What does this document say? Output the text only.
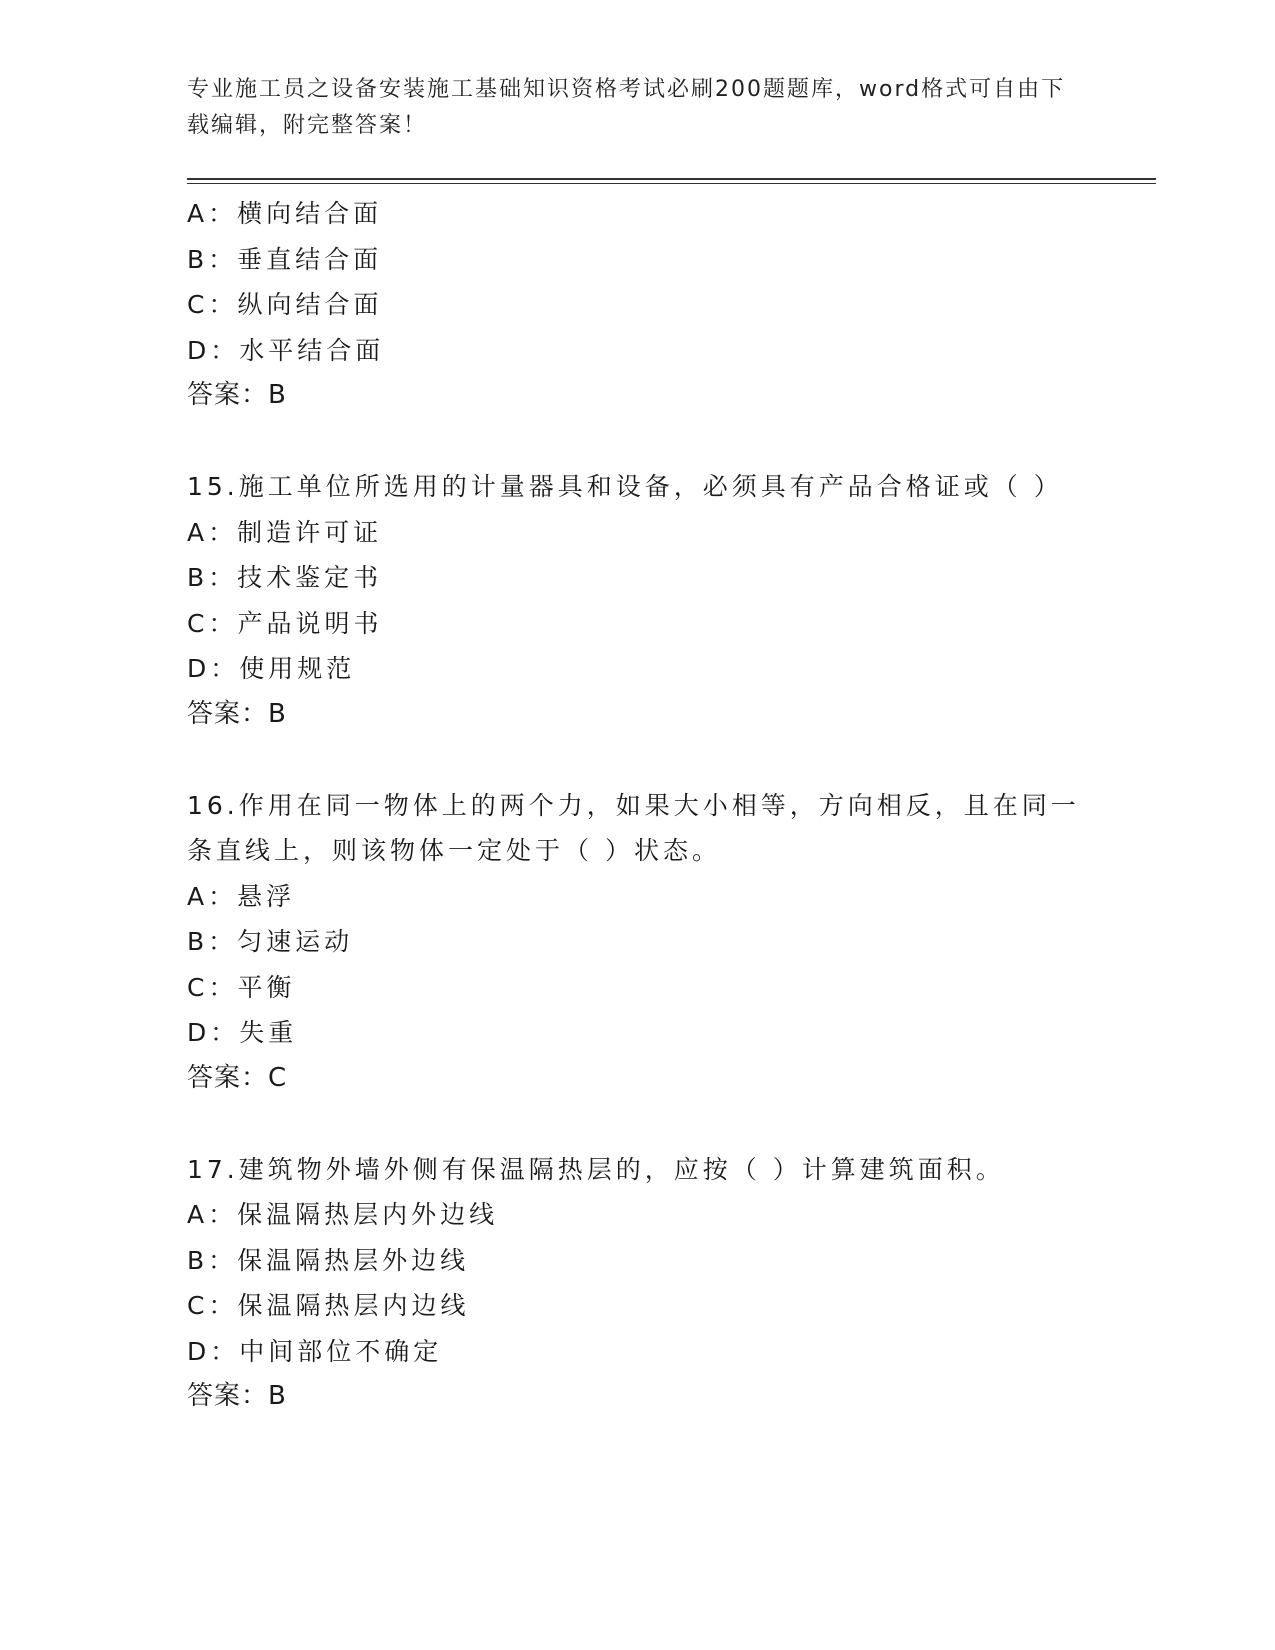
专业施工员之设备安装施工基础知识资格考试必刷200题题库，word格式可自由下载编辑，附完整答案！
A：横向结合面
B：垂直结合面
C：纵向结合面
D：水平结合面
答案：B
15.施工单位所选用的计量器具和设备，必须具有产品合格证或（ ）
A：制造许可证
B：技术鉴定书
C：产品说明书
D：使用规范
答案：B
16.作用在同一物体上的两个力，如果大小相等，方向相反，且在同一条直线上，则该物体一定处于（ ）状态。
A：悬浮
B：匀速运动
C：平衡
D：失重
答案：C
17.建筑物外墙外侧有保温隔热层的，应按（ ）计算建筑面积。
A：保温隔热层内外边线
B：保温隔热层外边线
C：保温隔热层内边线
D：中间部位不确定
答案：B
